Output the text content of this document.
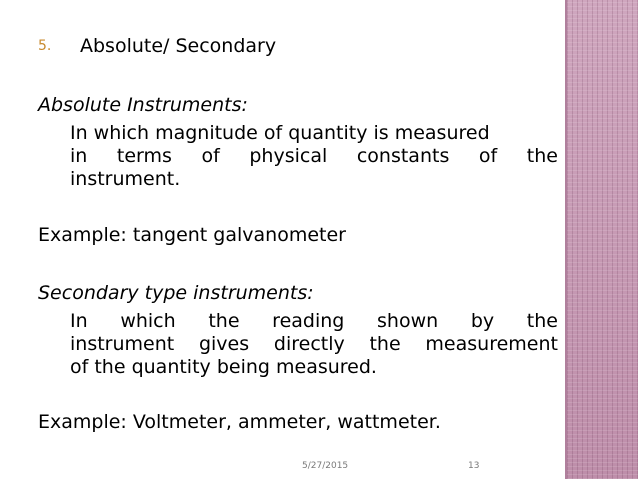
5. Absolute/ Secondary
Absolute Instruments:
In which magnitude of quantity is measured
in terms of physical constants of the
instrument.
Example: tangent galvanometer
Secondary type instruments:
In which the reading shown by the
instrument gives directly the measurement
of the quantity being measured.
Example: Voltmeter, ammeter, wattmeter.
5/27/2015	13
